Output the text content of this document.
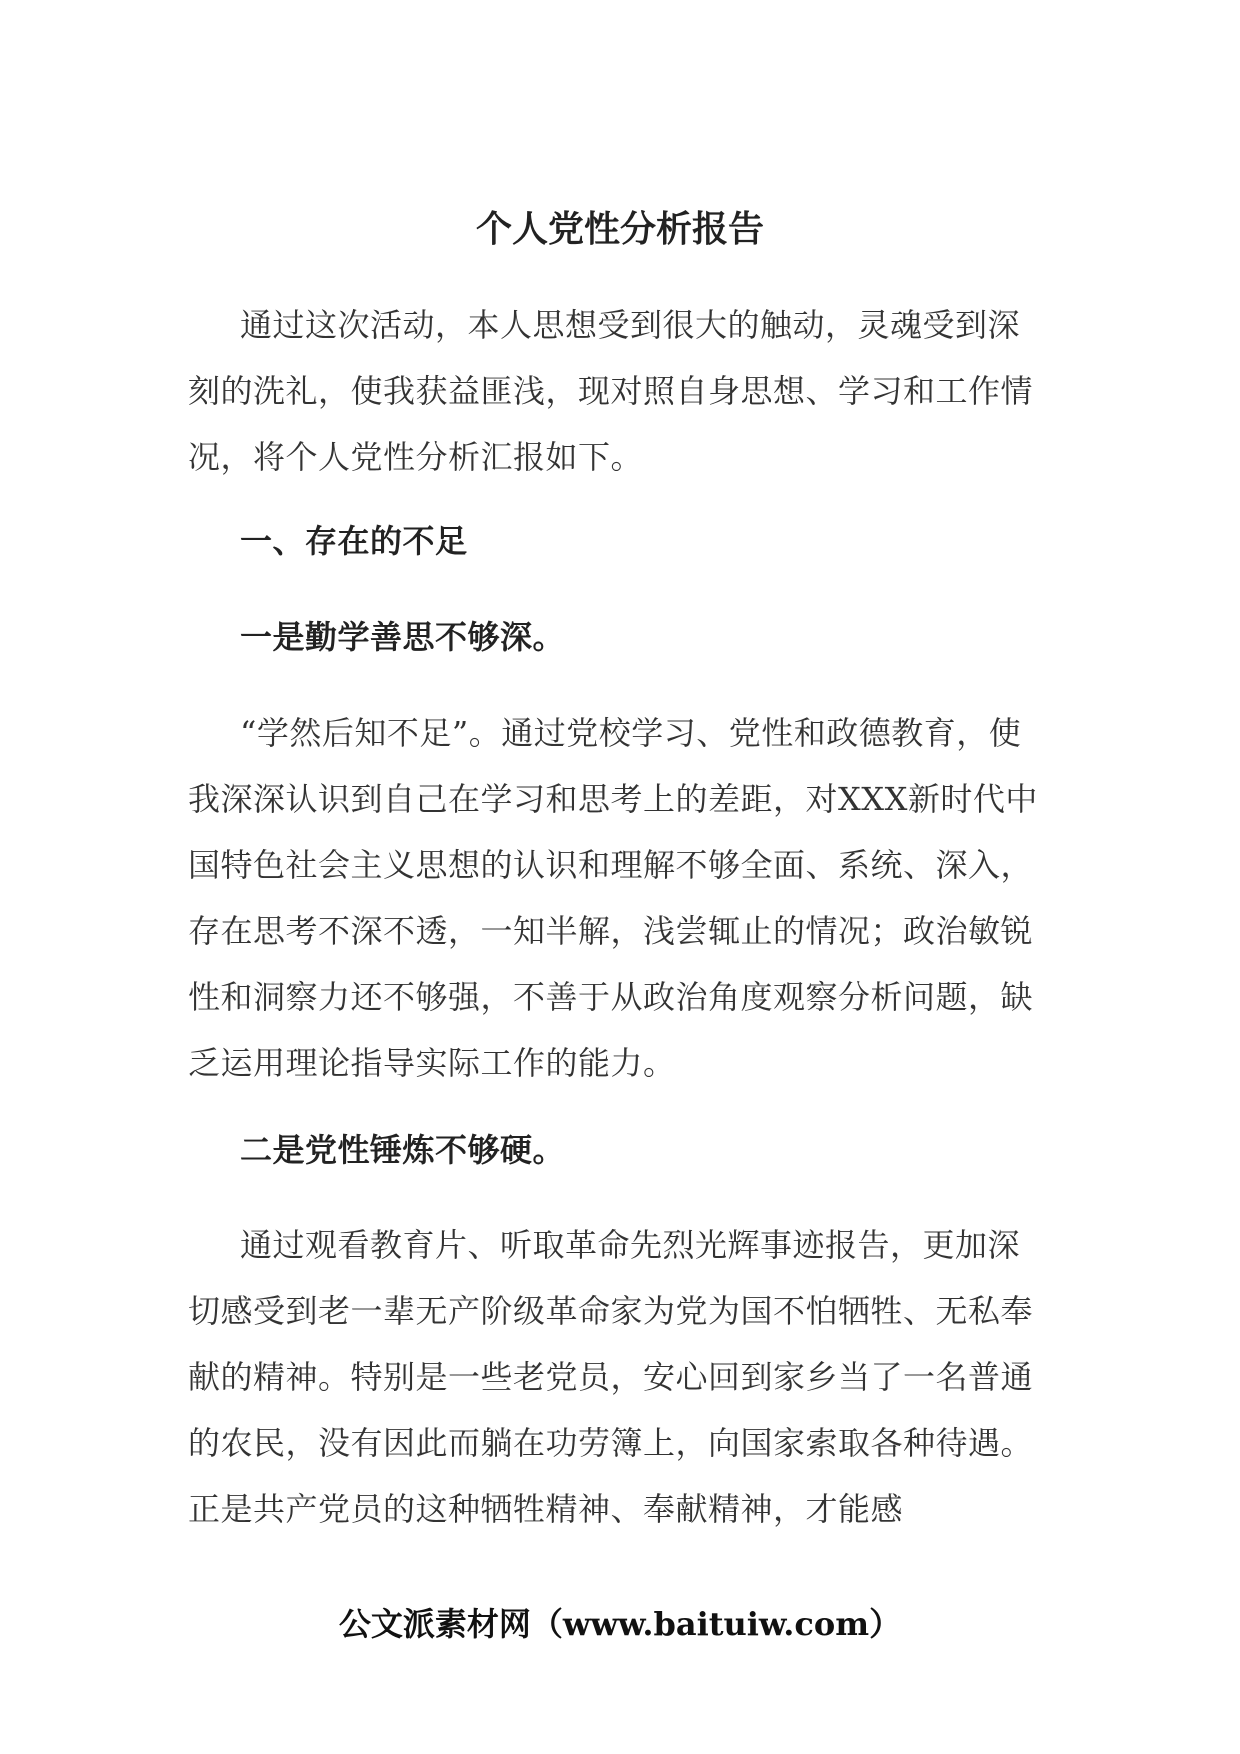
个人党性分析报告

通过这次活动，本人思想受到很大的触动，灵魂受到深刻的洗礼，使我获益匪浅，现对照自身思想、学习和工作情况，将个人党性分析汇报如下。

一、存在的不足

一是勤学善思不够深。

“学然后知不足”。通过党校学习、党性和政德教育，使我深深认识到自己在学习和思考上的差距，对XXX新时代中国特色社会主义思想的认识和理解不够全面、系统、深入，存在思考不深不透，一知半解，浅尝辄止的情况；政治敏锐性和洞察力还不够强，不善于从政治角度观察分析问题，缺乏运用理论指导实际工作的能力。

二是党性锤炼不够硬。

通过观看教育片、听取革命先烈光辉事迹报告，更加深切感受到老一辈无产阶级革命家为党为国不怕牺牲、无私奉献的精神。特别是一些老党员，安心回到家乡当了一名普通的农民，没有因此而躺在功劳簿上，向国家索取各种待遇。正是共产党员的这种牺牲精神、奉献精神，才能感

公文派素材网（www.baituiw.com）
